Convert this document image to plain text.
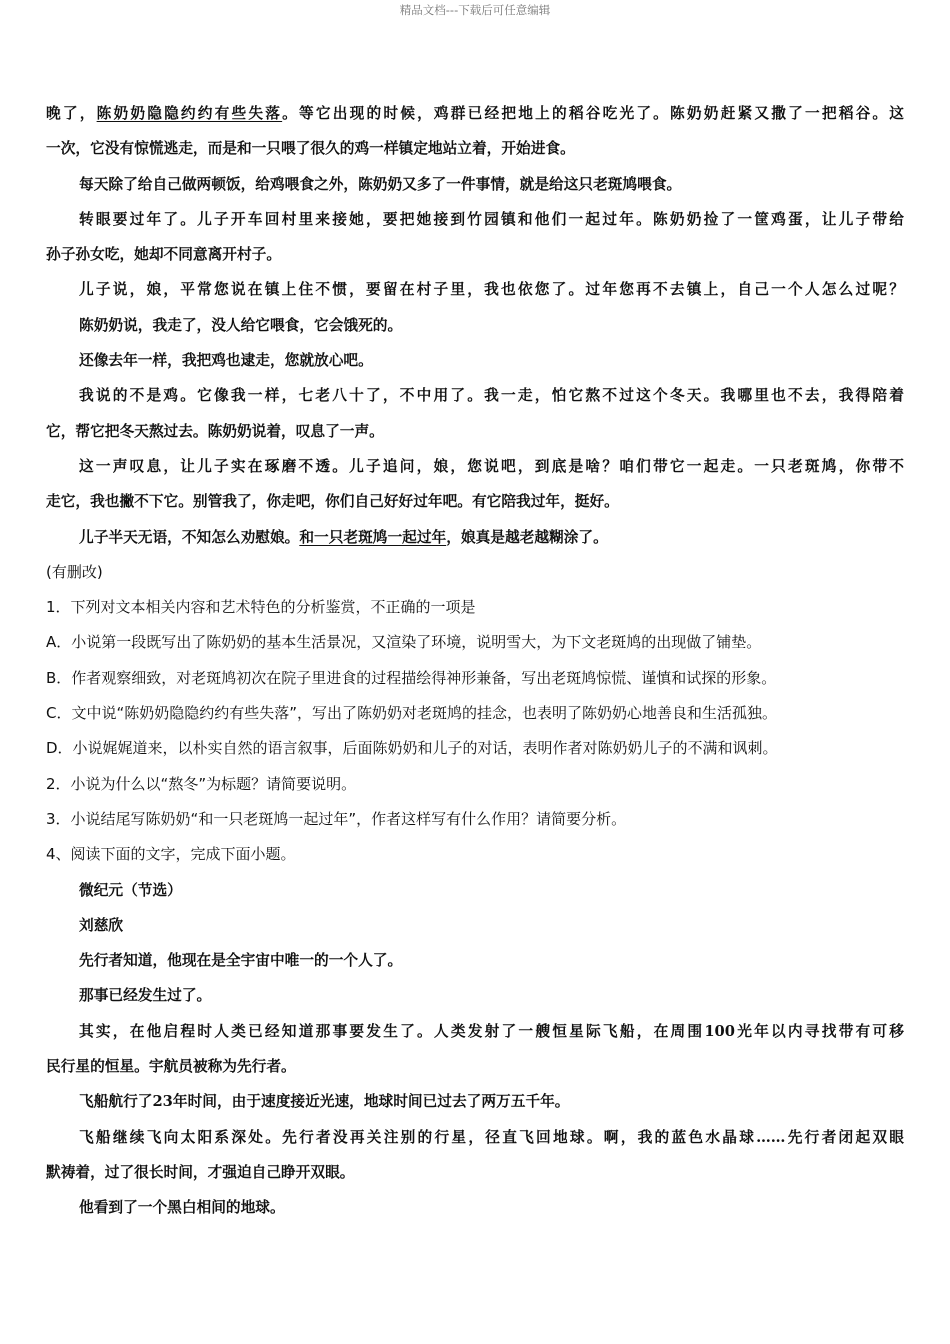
精品文档---下载后可任意编辑
晚了，陈奶奶隐隐约约有些失落。等它出现的时候，鸡群已经把地上的稻谷吃光了。陈奶奶赶紧又撒了一把稻谷。这
一次，它没有惊慌逃走，而是和一只喂了很久的鸡一样镇定地站立着，开始进食。
每天除了给自己做两顿饭，给鸡喂食之外，陈奶奶又多了一件事情，就是给这只老斑鸠喂食。
转眼要过年了。儿子开车回村里来接她，要把她接到竹园镇和他们一起过年。陈奶奶捡了一筐鸡蛋，让儿子带给
孙子孙女吃，她却不同意离开村子。
儿子说，娘，平常您说在镇上住不惯，要留在村子里，我也依您了。过年您再不去镇上，自己一个人怎么过呢？
陈奶奶说，我走了，没人给它喂食，它会饿死的。
还像去年一样，我把鸡也逮走，您就放心吧。
我说的不是鸡。它像我一样，七老八十了，不中用了。我一走，怕它熬不过这个冬天。我哪里也不去，我得陪着
它，帮它把冬天熬过去。陈奶奶说着，叹息了一声。
这一声叹息，让儿子实在琢磨不透。儿子追问，娘，您说吧，到底是啥？咱们带它一起走。一只老斑鸠，你带不
走它，我也撇不下它。别管我了，你走吧，你们自己好好过年吧。有它陪我过年，挺好。
儿子半天无语，不知怎么劝慰娘。和一只老斑鸠一起过年，娘真是越老越糊涂了。
(有删改)
1．下列对文本相关内容和艺术特色的分析鉴赏，不正确的一项是
A．小说第一段既写出了陈奶奶的基本生活景况，又渲染了环境，说明雪大，为下文老斑鸠的出现做了铺垫。
B．作者观察细致，对老斑鸠初次在院子里进食的过程描绘得神形兼备，写出老斑鸠惊慌、谨慎和试探的形象。
C．文中说“陈奶奶隐隐约约有些失落”，写出了陈奶奶对老斑鸠的挂念，也表明了陈奶奶心地善良和生活孤独。
D．小说娓娓道来，以朴实自然的语言叙事，后面陈奶奶和儿子的对话，表明作者对陈奶奶儿子的不满和讽刺。
2．小说为什么以“熬冬”为标题？请简要说明。
3．小说结尾写陈奶奶“和一只老斑鸠一起过年”，作者这样写有什么作用？请简要分析。
4、阅读下面的文字，完成下面小题。
微纪元（节选）
刘慈欣
先行者知道，他现在是全宇宙中唯一的一个人了。
那事已经发生过了。
其实，在他启程时人类已经知道那事要发生了。人类发射了一艘恒星际飞船，在周围100光年以内寻找带有可移
民行星的恒星。宇航员被称为先行者。
飞船航行了23年时间，由于速度接近光速，地球时间已过去了两万五千年。
飞船继续飞向太阳系深处。先行者没再关注别的行星，径直飞回地球。啊，我的蓝色水晶球……先行者闭起双眼
默祷着，过了很长时间，才强迫自己睁开双眼。
他看到了一个黑白相间的地球。
